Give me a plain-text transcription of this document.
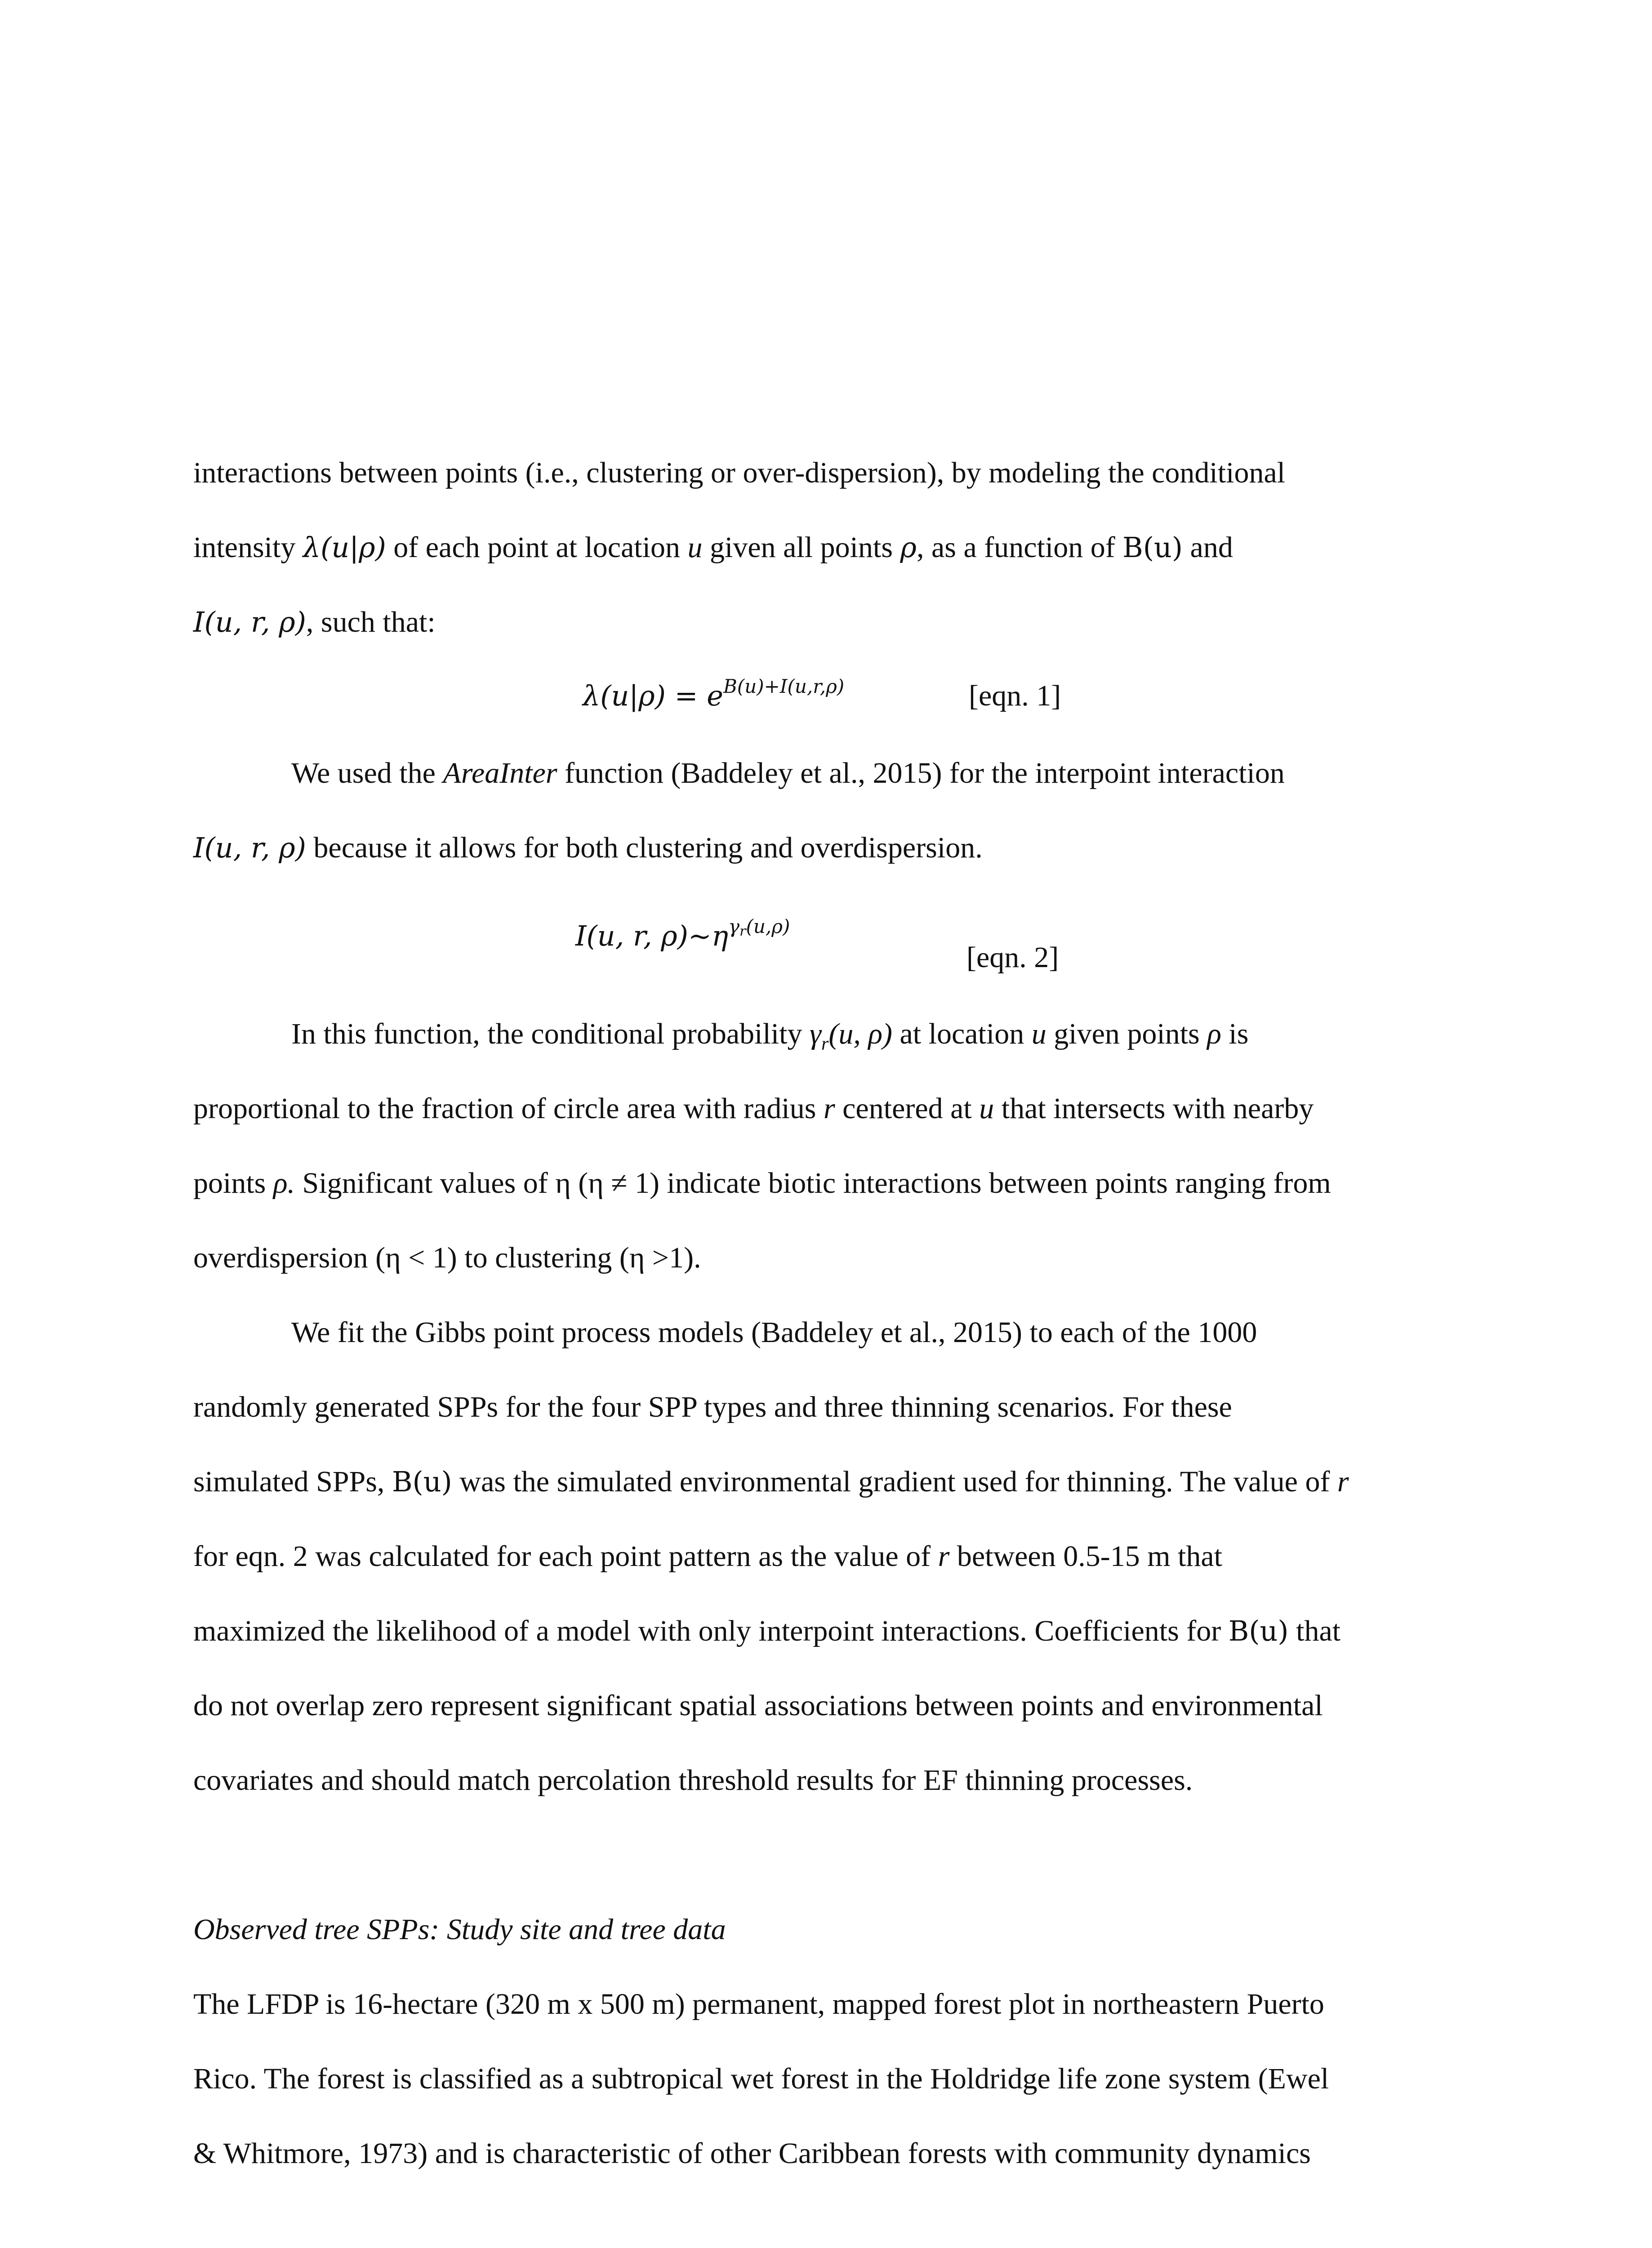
interactions between points (i.e., clustering or over-dispersion), by modeling the conditional
intensity λ(u|ρ) of each point at location u given all points ρ, as a function of B(u) and
I(u, r, ρ), such that:
$\lambda(u|\rho) = e^{B(u)+I(u,r,\rho)}$	[eqn. 1]
We used the AreaInter function (Baddeley et al., 2015) for the interpoint interaction
I(u, r, ρ) because it allows for both clustering and overdispersion.
I(u, r, $\rho)\sim\eta^{\gamma r(u,\rho)}$
[eqn. 2]
In this function, the conditional probability $\gamma_r(u$, ρ) at location u given points ρ is
proportional to the fraction of circle area with radius r centered at u that intersects with nearby
points ρ. Significant values of η (η ≠ 1) indicate biotic interactions between points ranging from
overdispersion (η < 1) to clustering (η >1).
We fit the Gibbs point process models (Baddeley et al., 2015) to each of the 1000
randomly generated SPPs for the four SPP types and three thinning scenarios. For these
simulated SPPs, B(u) was the simulated environmental gradient used for thinning. The value of r
for eqn. 2 was calculated for each point pattern as the value of r between 0.5-15 m that
maximized the likelihood of a model with only interpoint interactions. Coefficients for B(u) that
do not overlap zero represent significant spatial associations between points and environmental
covariates and should match percolation threshold results for EF thinning processes.
Observed tree SPPs: Study site and tree data
The LFDP is 16-hectare (320 m x 500 m) permanent, mapped forest plot in northeastern Puerto
Rico. The forest is classified as a subtropical wet forest in the Holdridge life zone system (Ewel
& Whitmore, 1973) and is characteristic of other Caribbean forests with community dynamics
